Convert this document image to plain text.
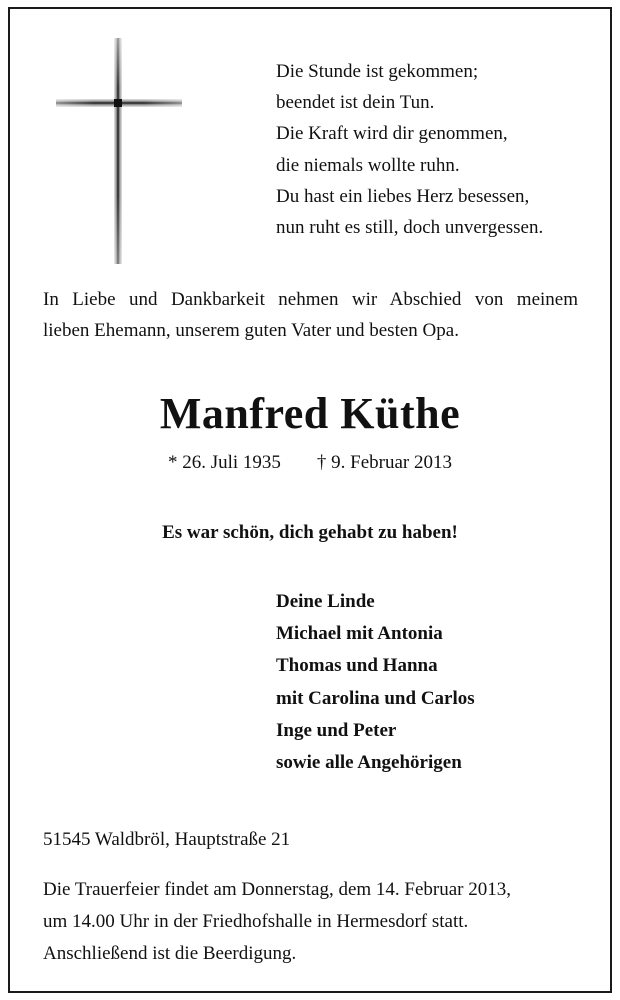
Die Stunde ist gekommen;
beendet ist dein Tun.
Die Kraft wird dir genommen,
die niemals wollte ruhn.
Du hast ein liebes Herz besessen,
nun ruht es still, doch unvergessen.
In Liebe und Dankbarkeit nehmen wir Abschied von meinem
lieben Ehemann, unserem guten Vater und besten Opa.
Manfred Küthe
* 26. Juli 1935 † 9. Februar 2013
Es war schön, dich gehabt zu haben!
Deine Linde
Michael mit Antonia
Thomas und Hanna
mit Carolina und Carlos
Inge und Peter
sowie alle Angehörigen
51545 Waldbröl, Hauptstraße 21
Die Trauerfeier findet am Donnerstag, dem 14. Februar 2013,
um 14.00 Uhr in der Friedhofshalle in Hermesdorf statt.
Anschließend ist die Beerdigung.
